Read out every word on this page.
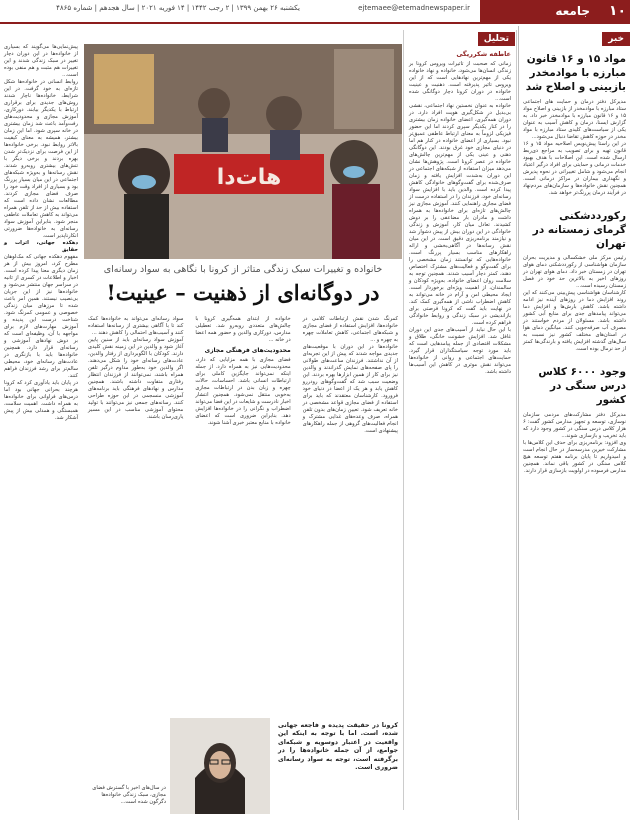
۱۰
جامعه
ejtemaee@etemadnewspaper.ir
یکشنبه ۲۶ بهمن ۱۳۹۹ | ۲ رجب ۱۴۴۲ | ۱۴ فوریه ۲۰۲۱ | سال هجدهم | شماره ۴۸۶۵
خبر
مواد ۱۵ و ۱۶ قانون مبارزه با موادمخدر بازبینی و اصلاح شد

مدیرکل دفتر درمان و حمایت های اجتماعی ستاد مبارزه با موادمخدر از بازبینی و اصلاح مواد ۱۵ و ۱۶ قانون مبارزه با موادمخدر خبر داد. به گزارش ایسنا، درمان و کاهش آسیب به عنوان یکی از سیاست‌های کلیدی ستاد مبارزه با مواد مخدر در حوزه کاهش تقاضا دنبال می‌شود...

در این راستا پیش‌نویس اصلاحیه مواد ۱۵ و ۱۶ قانون تهیه و برای تصویب به مراجع ذی‌ربط ارسال شده است. این اصلاحات با هدف بهبود خدمات درمانی و حمایتی برای افراد درگیر اعتیاد انجام می‌شود و شامل تغییراتی در نحوه پذیرش و نگهداری بیماران در مراکز درمانی است. همچنین نقش خانواده‌ها و سازمان‌های مردم‌نهاد در فرآیند درمان پررنگ‌تر خواهد شد.

رکورددشکنی گرمای زمستانه در تهران

رئیس مرکز ملی خشکسالی و مدیریت بحران سازمان هواشناسی از رکورددشکنی دمای هوای تهران در زمستان خبر داد. دمای هوای تهران در روزهای اخیر به بالاترین حد خود در فصل زمستان رسیده است...

کارشناسان هواشناسی پیش‌بینی می‌کنند که این روند افزایش دما در روزهای آینده نیز ادامه داشته باشد. کاهش بارش‌ها و افزایش دما می‌تواند پیامدهای جدی برای منابع آبی کشور داشته باشد. مسئولان از مردم خواستند در مصرف آب صرفه‌جویی کنند. میانگین دمای هوا در استان‌های مختلف کشور نیز نسبت به سال‌های گذشته افزایش یافته و بارندگی‌ها کمتر از حد نرمال بوده است.

وجود ۶۰۰۰ کلاس درس سنگی در کشور

مدیرکل دفتر مشارکت‌های مردمی سازمان نوسازی، توسعه و تجهیز مدارس کشور گفت: ۶ هزار کلاس درس سنگی در کشور وجود دارد که باید تخریب و بازسازی شوند...

وی افزود: برنامه‌ریزی برای حذف این کلاس‌ها با مشارکت خیرین مدرسه‌ساز در حال انجام است و امیدواریم تا پایان برنامه هفتم توسعه هیچ کلاس سنگی در کشور باقی نماند. همچنین مدارس فرسوده در اولویت بازسازی قرار دارند.

تحلیل
عاطفه شکرریگی

زمانی که صحبت از تاثیرات ویروس کرونا بر زندگی انسان‌ها می‌شود، خانواده و نهاد خانواده یکی از مهم‌ترین نهادهایی است که از این ویروس تاثیر پذیرفته است. ذهنیت و عینیت خانواده در دوران کرونا دچار دوگانگی شده است...

خانواده به عنوان نخستین نهاد اجتماعی، نقشی بی‌بدیل در شکل‌گیری هویت افراد دارد. در دوران همه‌گیری، اعضای خانواده زمان بیشتری را در کنار یکدیگر سپری کردند اما این حضور فیزیکی لزوماً به معنای ارتباط عاطفی عمیق‌تر نبود. بسیاری از اعضای خانواده در کنار هم اما در دنیای مجازی خود غرق بودند. این دوگانگی ذهنی و عینی یکی از مهم‌ترین چالش‌های خانواده در عصر کرونا است. پژوهش‌ها نشان می‌دهد میزان استفاده از شبکه‌های اجتماعی در این دوران به‌شدت افزایش یافته و زمان صرف‌شده برای گفت‌وگوهای خانوادگی کاهش پیدا کرده است. والدین باید با افزایش سواد رسانه‌ای خود، فرزندان را در استفاده درست از فضای مجازی راهنمایی کنند. آموزش مجازی نیز چالش‌های تازه‌ای برای خانواده‌ها به همراه داشت و مادران بار مضاعفی را بر دوش کشیدند. تعادل میان کار، آموزش و زندگی خانوادگی در این دوران بیش از پیش دشوار شد و نیازمند برنامه‌ریزی دقیق است. در این میان نقش رسانه‌ها در آگاهی‌بخشی و ارائه راهکارهای مناسب بسیار پررنگ است. خانواده‌هایی که توانستند زمان مشخصی را برای گفت‌وگو و فعالیت‌های مشترک اختصاص دهند، کمتر دچار آسیب شدند. همچنین توجه به سلامت روان اعضای خانواده، به‌ویژه کودکان و سالمندان، از اهمیت ویژه‌ای برخوردار است. ایجاد محیطی امن و آرام در خانه می‌تواند به کاهش اضطراب ناشی از همه‌گیری کمک کند. در نهایت باید گفت که کرونا فرصتی برای بازاندیشی در سبک زندگی و روابط خانوادگی فراهم کرده است.

با این حال نباید از آسیب‌های جدی این دوران غافل شد. افزایش خشونت خانگی، طلاق و مشکلات اقتصادی از جمله پیامدهایی است که باید مورد توجه سیاستگذاران قرار گیرد. حمایت‌های اجتماعی و روانی از خانواده‌ها می‌تواند نقش موثری در کاهش این آسیب‌ها داشته باشد.

هات‌دا
خانواده و تغییرات سبک زندگی متاثر از کرونا با نگاهی به سواد رسانه‌ای
در دوگانه‌ای از ذهنیت – عینیت!

پیش‌نمایی‌ها می‌گویند که بسیاری از خانواده‌ها در این دوران دچار تغییر در سبک زندگی شدند و این تغییرات هم مثبت و هم منفی بوده است...

روابط انسانی در خانواده‌ها شکل تازه‌ای به خود گرفت. در این شرایط، خانواده‌ها ناچار شدند روش‌های جدیدی برای برقراری ارتباط با یکدیگر بیابند. دورکاری، آموزش مجازی و محدودیت‌های رفت‌وآمد باعث شد زمان بیشتری در خانه سپری شود. اما این زمان بیشتر، همیشه به معنای کیفیت بالاتر روابط نبود. برخی خانواده‌ها از این فرصت برای نزدیک‌تر شدن بهره بردند و برخی دیگر با تنش‌های بیشتری روبه‌رو شدند. نقش رسانه‌ها و به‌ویژه شبکه‌های اجتماعی در این میان بسیار پررنگ بود و بسیاری از افراد وقت خود را صرف فضای مجازی کردند. مطالعات نشان داده است که استفاده بیش از حد از تلفن همراه می‌تواند به کاهش تعاملات عاطفی منجر شود. بنابراین آموزش سواد رسانه‌ای به خانواده‌ها ضرورتی انکارناپذیر است.

دهکده جهانی، اثرات و حقایق

مفهوم دهکده جهانی که مک‌لوهان مطرح کرد، امروز بیش از هر زمان دیگری معنا پیدا کرده است. اخبار و اطلاعات در کسری از ثانیه در سراسر جهان منتشر می‌شود و خانواده‌ها نیز از این جریان بی‌نصیب نیستند. همین امر باعث شده تا مرزهای میان زندگی خصوصی و عمومی کمرنگ شود. شناخت درست این پدیده و آموزش مهارت‌های لازم برای مواجهه با آن، وظیفه‌ای است که بر دوش نهادهای آموزشی و رسانه‌ای قرار دارد. همچنین خانواده‌ها باید با بازنگری در عادت‌های رسانه‌ای خود، محیطی سالم‌تر برای رشد فرزندان فراهم کنند.

در پایان باید یادآوری کرد که کرونا هرچند بحرانی جهانی بود اما درس‌های فراوانی برای خانواده‌ها به همراه داشت. اهمیت سلامت، همبستگی و همدلی بیش از پیش آشکار شد.

کمرنگ شدن نقش ارتباطات کلامی در خانواده‌ها، افزایش استفاده از فضای مجازی و شبکه‌های اجتماعی، کاهش تعاملات چهره به چهره و ...

خانواده‌ها در این دوران با موقعیت‌های جدیدی مواجه شدند که پیش از این تجربه‌ای از آن نداشتند. فرزندان ساعت‌های طولانی را پای صفحه‌های نمایش گذراندند و والدین نیز برای کار از همین ابزارها بهره بردند. این وضعیت سبب شد که گفت‌وگوهای رودررو کاهش یابد و هر یک از اعضا در دنیای خود فرورود. کارشناسان معتقدند که باید برای استفاده از فضای مجازی قواعد مشخصی در خانه تعریف شود. تعیین زمان‌های بدون تلفن همراه، صرف وعده‌های غذایی مشترک و انجام فعالیت‌های گروهی از جمله راهکارهای پیشنهادی است.

خانواده از ابتدای همه‌گیری کرونا با چالش‌های متعددی روبه‌رو شد. تعطیلی مدارس، دورکاری والدین و حضور همه اعضا در خانه ...

محدودیت‌های فرهنگی مجازی

فضای مجازی با همه مزایایی که دارد، محدودیت‌هایی نیز به همراه دارد. از جمله اینکه نمی‌تواند جایگزین کاملی برای ارتباطات انسانی باشد. احساسات، حالات چهره و زبان بدن در ارتباطات مجازی به‌خوبی منتقل نمی‌شود. همچنین انتشار اخبار نادرست و شایعات در این فضا می‌تواند اضطراب و نگرانی را در خانواده‌ها افزایش دهد. بنابراین ضروری است که اعضای خانواده با منابع معتبر خبری آشنا شوند.

سواد رسانه‌ای می‌تواند به خانواده‌ها کمک کند تا با آگاهی بیشتری از رسانه‌ها استفاده کنند و آسیب‌های احتمالی را کاهش دهند ...

آموزش سواد رسانه‌ای باید از سنین پایین آغاز شود و والدین در این زمینه نقش کلیدی دارند. کودکان با الگوبرداری از رفتار والدین، عادت‌های رسانه‌ای خود را شکل می‌دهند. اگر والدین خود به‌طور مداوم درگیر تلفن همراه باشند، نمی‌توانند از فرزندان انتظار رفتاری متفاوت داشته باشند. همچنین مدارس و نهادهای فرهنگی باید برنامه‌های آموزشی منسجمی در این حوزه طراحی کنند. رسانه‌های جمعی نیز می‌توانند با تولید محتوای آموزشی مناسب در این مسیر یاری‌رسان باشند.

در سال‌های اخیر با گسترش فضای مجازی، سبک زندگی خانواده‌ها دگرگون شده است...

کرونا در حقیقت پدیده و فاجعه جهانی شده، است. اما با توجه به اینکه این واقعیت در اعتبار دوسویه و شبکه‌ای جوامع، از آن جمله خانواده‌ها را در برگرفته است، توجه به سواد رسانه‌ای ضروری است.
